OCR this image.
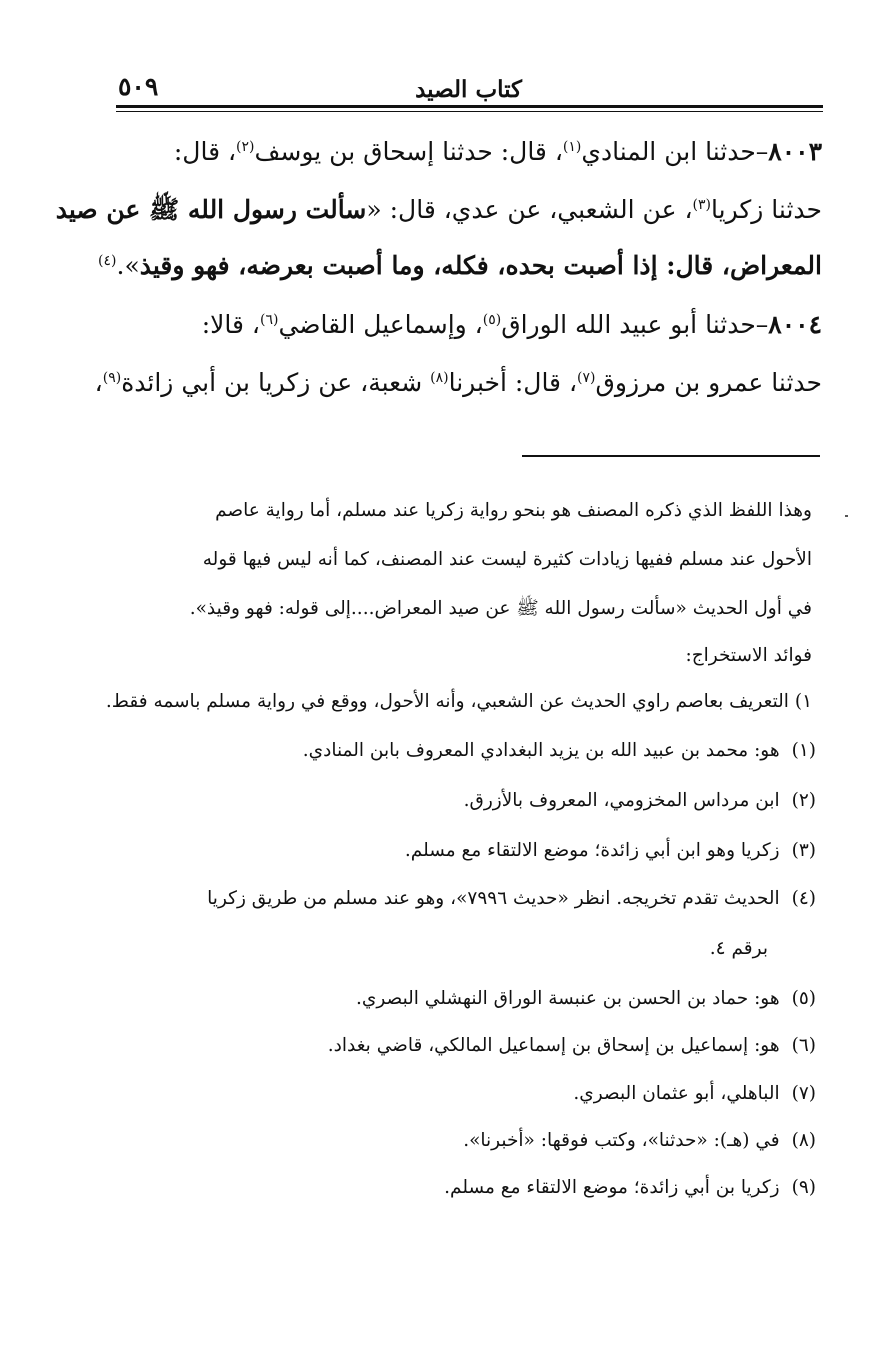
كتاب الصيد
٥٠٩
٨٠٠٣–حدثنا ابن المنادي$^{(١)}$، قال: حدثنا إسحاق بن يوسف$^{(٢)}$، قال:
حدثنا زكريا$^{(٣)}$، عن الشعبي، عن عدي، قال: «سألت رسول الله ﷺ عن صيد
المعراض، قال: إذا أصبت بحده، فكله، وما أصبت بعرضه، فهو وقيذ».$^{(٤)}$
٨٠٠٤–حدثنا أبو عبيد الله الوراق$^{(٥)}$، وإسماعيل القاضي$^{(٦)}$، قالا:
حدثنا عمرو بن مرزوق$^{(٧)}$، قال: أخبرنا$^{(٨)}$ شعبة، عن زكريا بن أبي زائدة$^{(٩)}$،
وهذا اللفظ الذي ذكره المصنف هو بنحو رواية زكريا عند مسلم، أما رواية عاصم
الأحول عند مسلم ففيها زيادات كثيرة ليست عند المصنف، كما أنه ليس فيها قوله
في أول الحديث «سألت رسول الله ﷺ عن صيد المعراض....إلى قوله: فهو وقيذ».
فوائد الاستخراج:
١) التعريف بعاصم راوي الحديث عن الشعبي، وأنه الأحول، ووقع في رواية مسلم باسمه فقط.
(١)هو: محمد بن عبيد الله بن يزيد البغدادي المعروف بابن المنادي.
(٢)ابن مرداس المخزومي، المعروف بالأزرق.
(٣)زكريا وهو ابن أبي زائدة؛ موضع الالتقاء مع مسلم.
(٤)الحديث تقدم تخريجه. انظر «حديث ٧٩٩٦»، وهو عند مسلم من طريق زكريا
برقم ٤.
(٥)هو: حماد بن الحسن بن عنبسة الوراق النهشلي البصري.
(٦)هو: إسماعيل بن إسحاق بن إسماعيل المالكي، قاضي بغداد.
(٧)الباهلي، أبو عثمان البصري.
(٨)في (هـ): «حدثنا»، وكتب فوقها: «أخبرنا».
(٩)زكريا بن أبي زائدة؛ موضع الالتقاء مع مسلم.
